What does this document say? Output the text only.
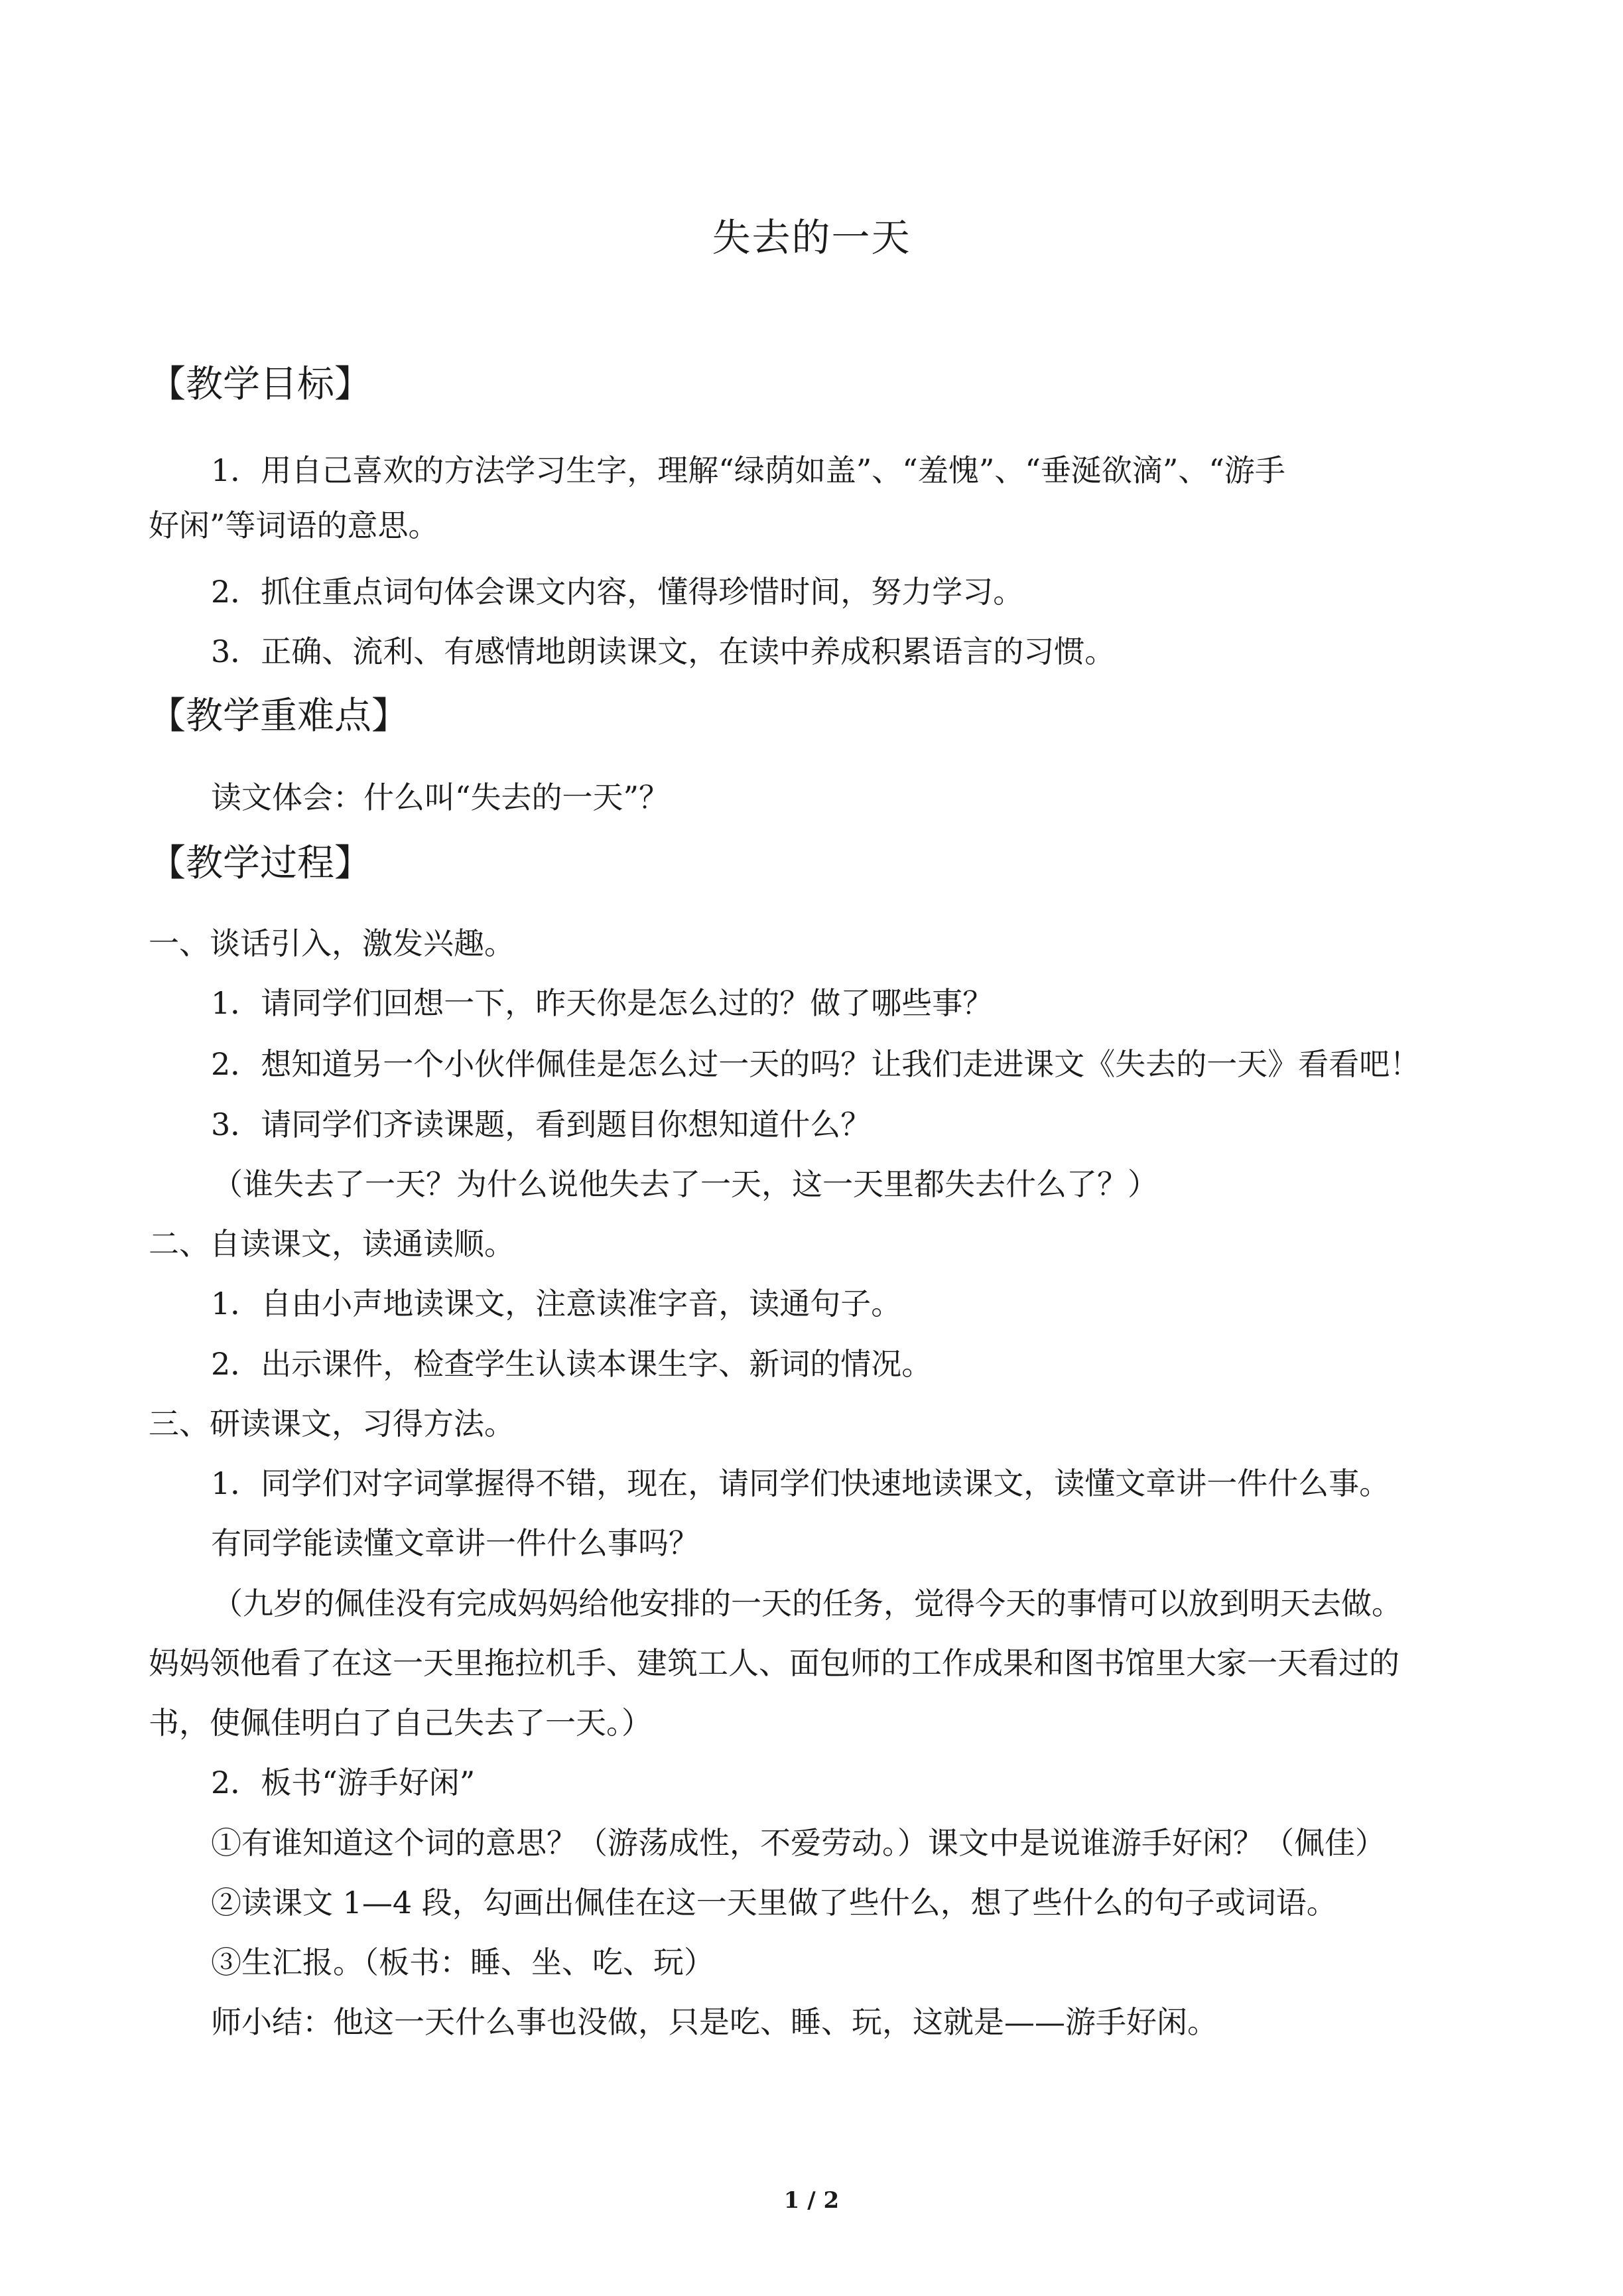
失去的一天
【教学目标】

1．用自己喜欢的方法学习生字，理解“绿荫如盖”、“羞愧”、“垂涎欲滴”、“游手

好闲”等词语的意思。

2．抓住重点词句体会课文内容，懂得珍惜时间，努力学习。

3．正确、流利、有感情地朗读课文，在读中养成积累语言的习惯。

【教学重难点】

读文体会：什么叫“失去的一天”？

【教学过程】

一、谈话引入，激发兴趣。

1．请同学们回想一下，昨天你是怎么过的？做了哪些事？

2．想知道另一个小伙伴佩佳是怎么过一天的吗？让我们走进课文《失去的一天》看看吧！

3．请同学们齐读课题，看到题目你想知道什么？

（谁失去了一天？为什么说他失去了一天，这一天里都失去什么了？）

二、自读课文，读通读顺。

1．自由小声地读课文，注意读准字音，读通句子。

2．出示课件，检查学生认读本课生字、新词的情况。

三、研读课文，习得方法。

1．同学们对字词掌握得不错，现在，请同学们快速地读课文，读懂文章讲一件什么事。

有同学能读懂文章讲一件什么事吗？

（九岁的佩佳没有完成妈妈给他安排的一天的任务，觉得今天的事情可以放到明天去做。

妈妈领他看了在这一天里拖拉机手、建筑工人、面包师的工作成果和图书馆里大家一天看过的

书，使佩佳明白了自己失去了一天。）

2．板书“游手好闲”

①有谁知道这个词的意思？（游荡成性，不爱劳动。）课文中是说谁游手好闲？（佩佳）

②读课文 1—4 段，勾画出佩佳在这一天里做了些什么，想了些什么的句子或词语。

③生汇报。（板书：睡、坐、吃、玩）

师小结：他这一天什么事也没做，只是吃、睡、玩，这就是——游手好闲。

1 / 2
